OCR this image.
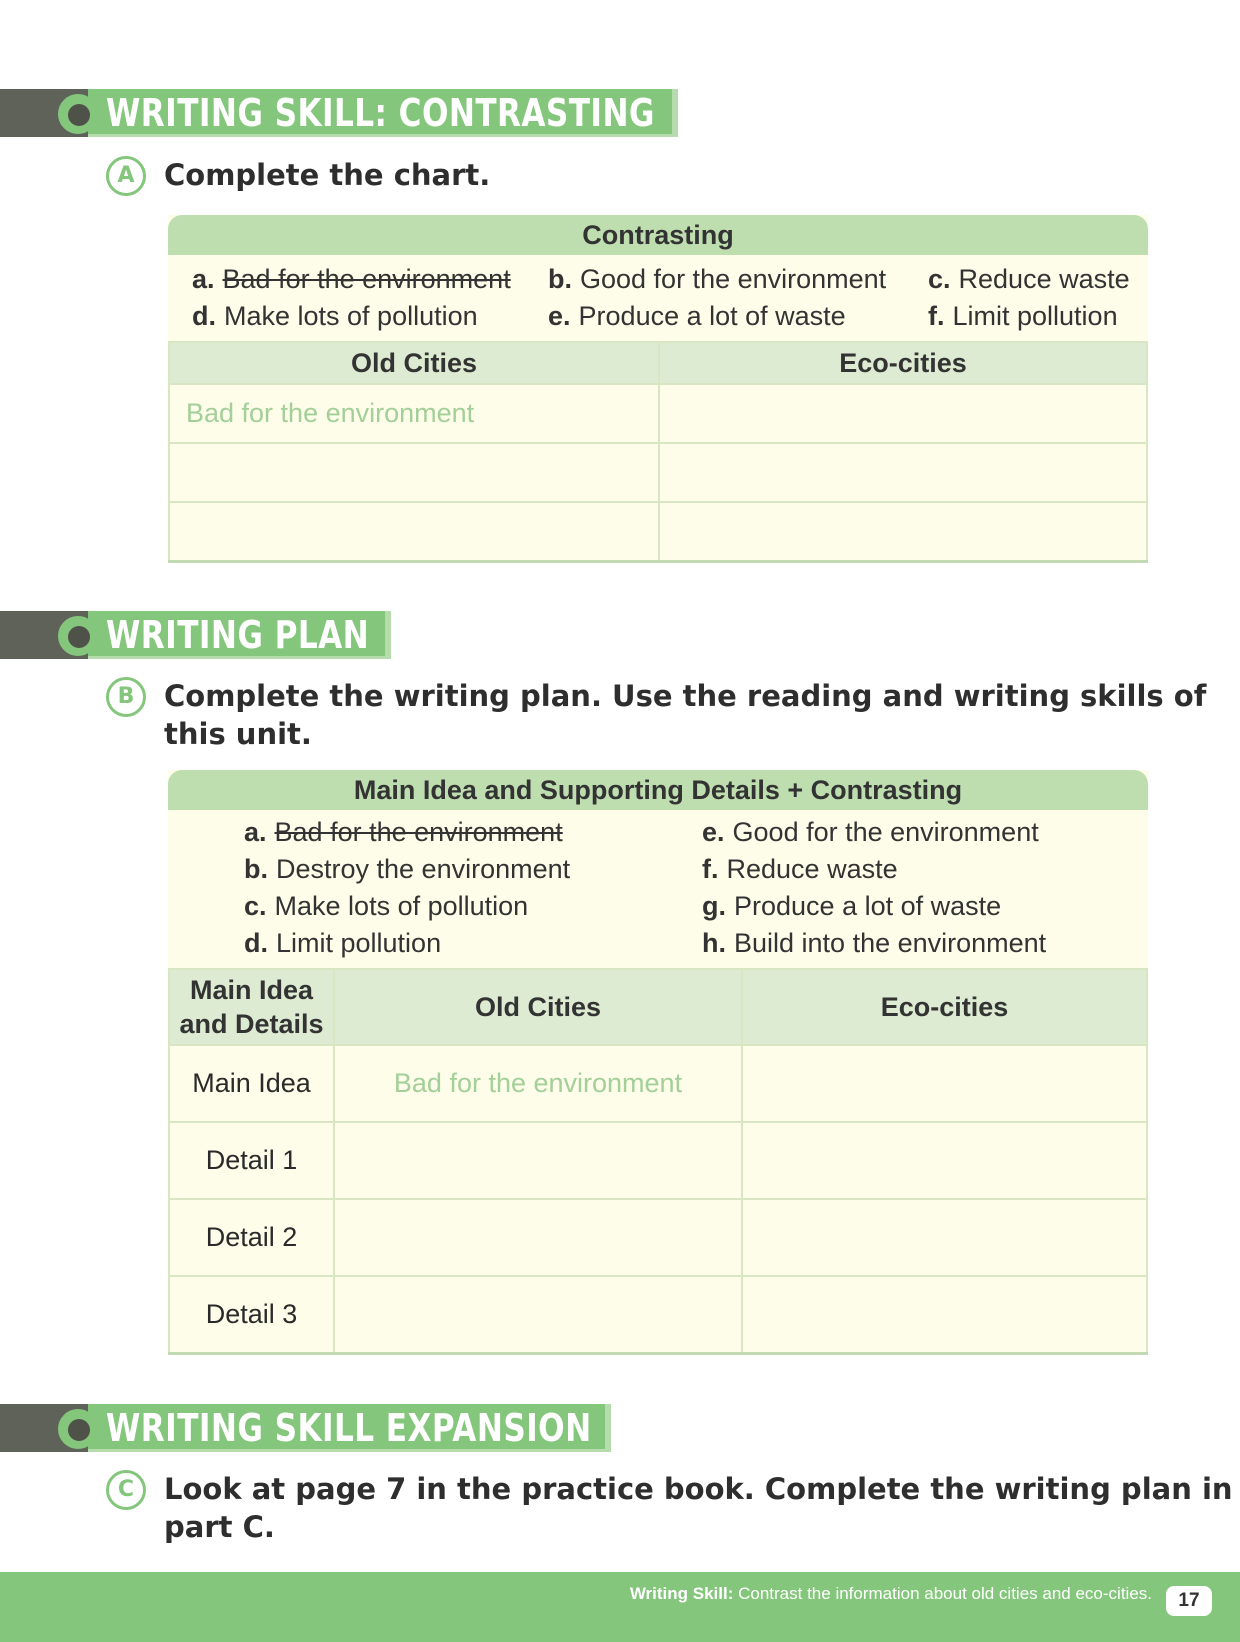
WRITING SKILL: CONTRASTING
A	Complete the chart.
Contrasting
a. Bad for the environment	b. Good for the environment	c. Reduce waste
d. Make lots of pollution	e. Produce a lot of waste	f. Limit pollution
Old Cities	Eco-cities
Bad for the environment	

WRITING PLAN
B	Complete the writing plan. Use the reading and writing skills of
this unit.
Main Idea and Supporting Details + Contrasting
a. Bad for the environment	e. Good for the environment
b. Destroy the environment	f. Reduce waste
c. Make lots of pollution	g. Produce a lot of waste
d. Limit pollution	h. Build into the environment
Main Idea
and Details	Old Cities	Eco-cities
Main Idea	Bad for the environment	
Detail 1		
Detail 2		
Detail 3		
WRITING SKILL EXPANSION
C	Look at page 7 in the practice book. Complete the writing plan in part C.
Writing Skill: Contrast the information about old cities and eco-cities.	17
